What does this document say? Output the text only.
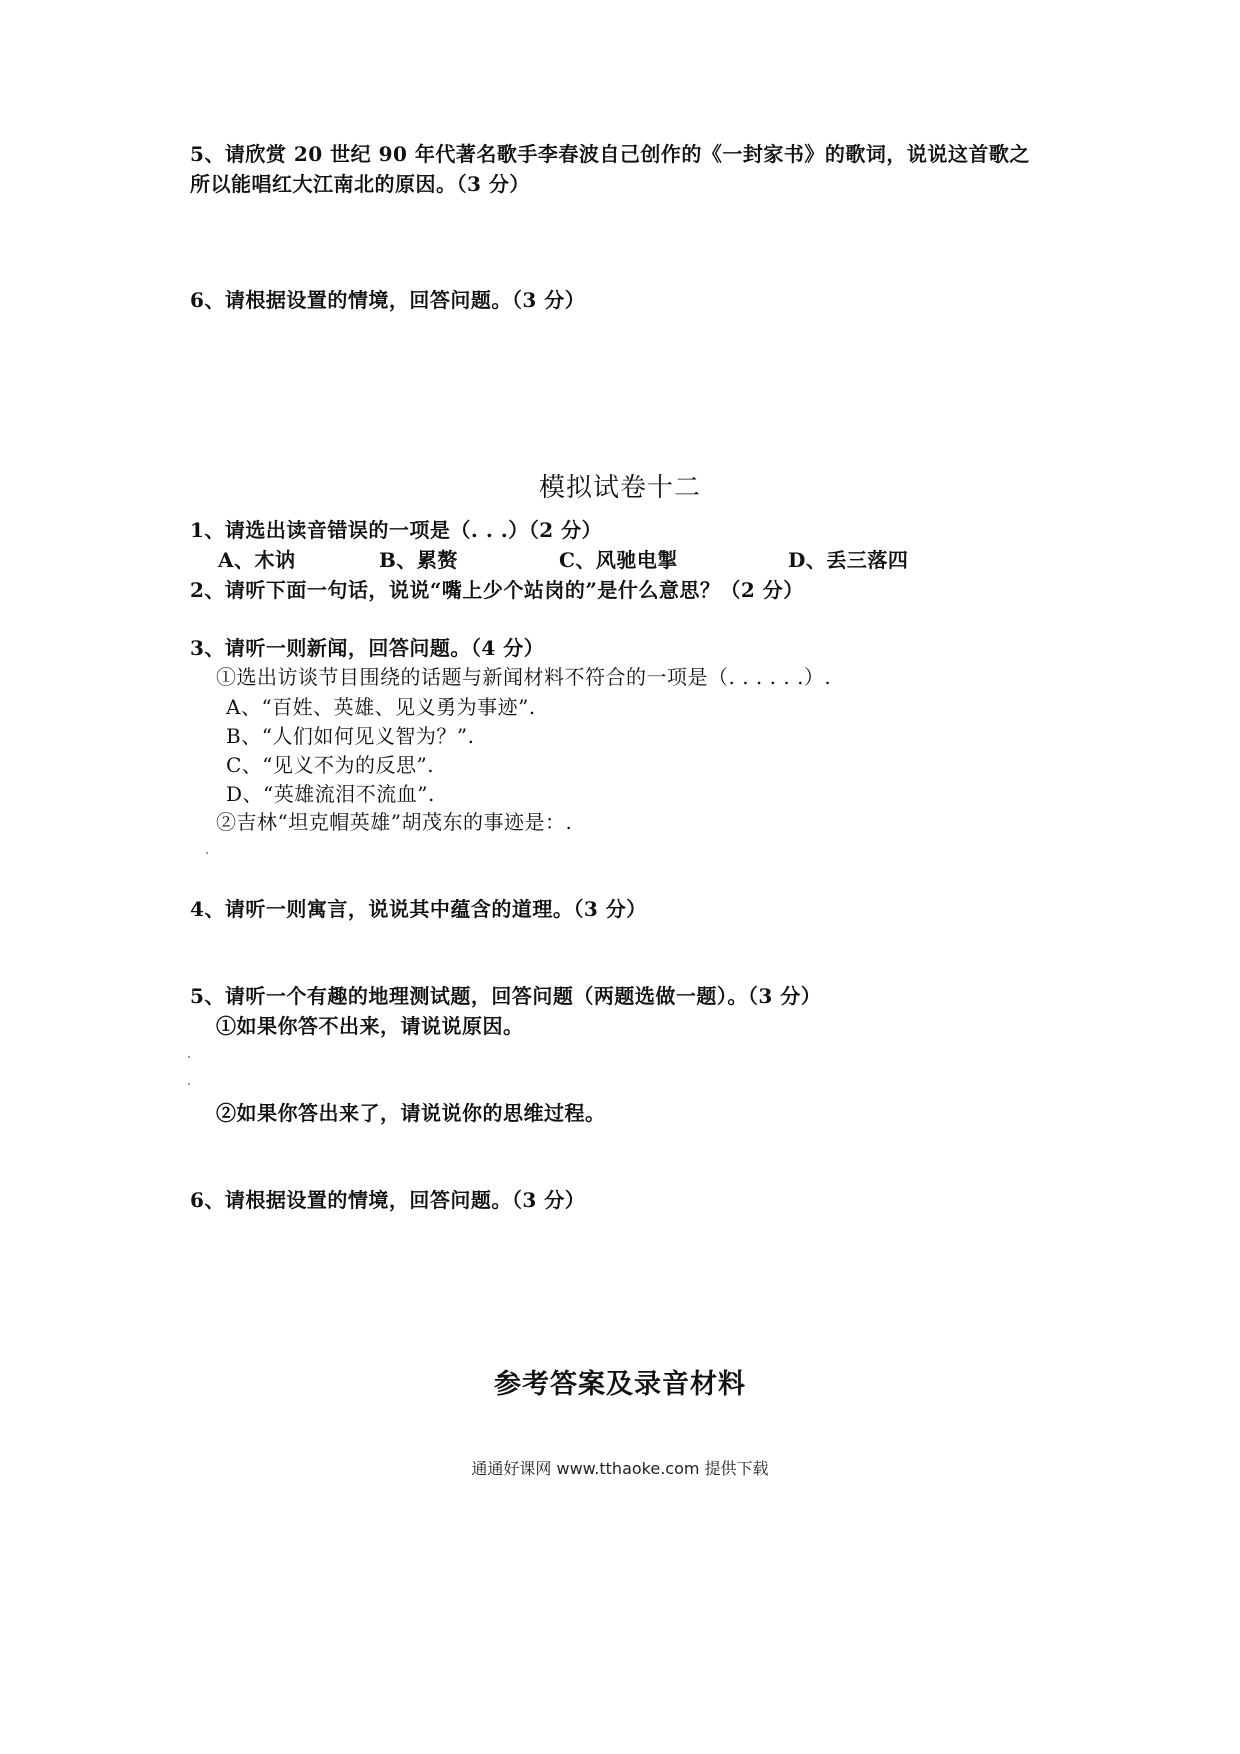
5、请欣赏 20 世纪 90 年代著名歌手李春波自己创作的《一封家书》的歌词，说说这首歌之
所以能唱红大江南北的原因。（3 分）
6、请根据设置的情境，回答问题。（3 分）
模拟试卷十二
1、请选出读音错误的一项是（. . .）（2 分）
A、木讷	B、累赘	C、风驰电掣	D、丢三落四
2、请听下面一句话，说说“嘴上少个站岗的”是什么意思？（2 分）
3、请听一则新闻，回答问题。（4 分）
①选出访谈节目围绕的话题与新闻材料不符合的一项是（. . . . . .）.
A、“百姓、英雄、见义勇为事迹”.
B、“人们如何见义智为？”.
C、“见义不为的反思”.
D、“英雄流泪不流血”.
②吉林“坦克帽英雄”胡茂东的事迹是：.
4、请听一则寓言，说说其中蕴含的道理。（3 分）
5、请听一个有趣的地理测试题，回答问题（两题选做一题）。（3 分）
①如果你答不出来，请说说原因。
②如果你答出来了，请说说你的思维过程。
6、请根据设置的情境，回答问题。（3 分）
参考答案及录音材料
通通好课网 www.tthaoke.com 提供下载
